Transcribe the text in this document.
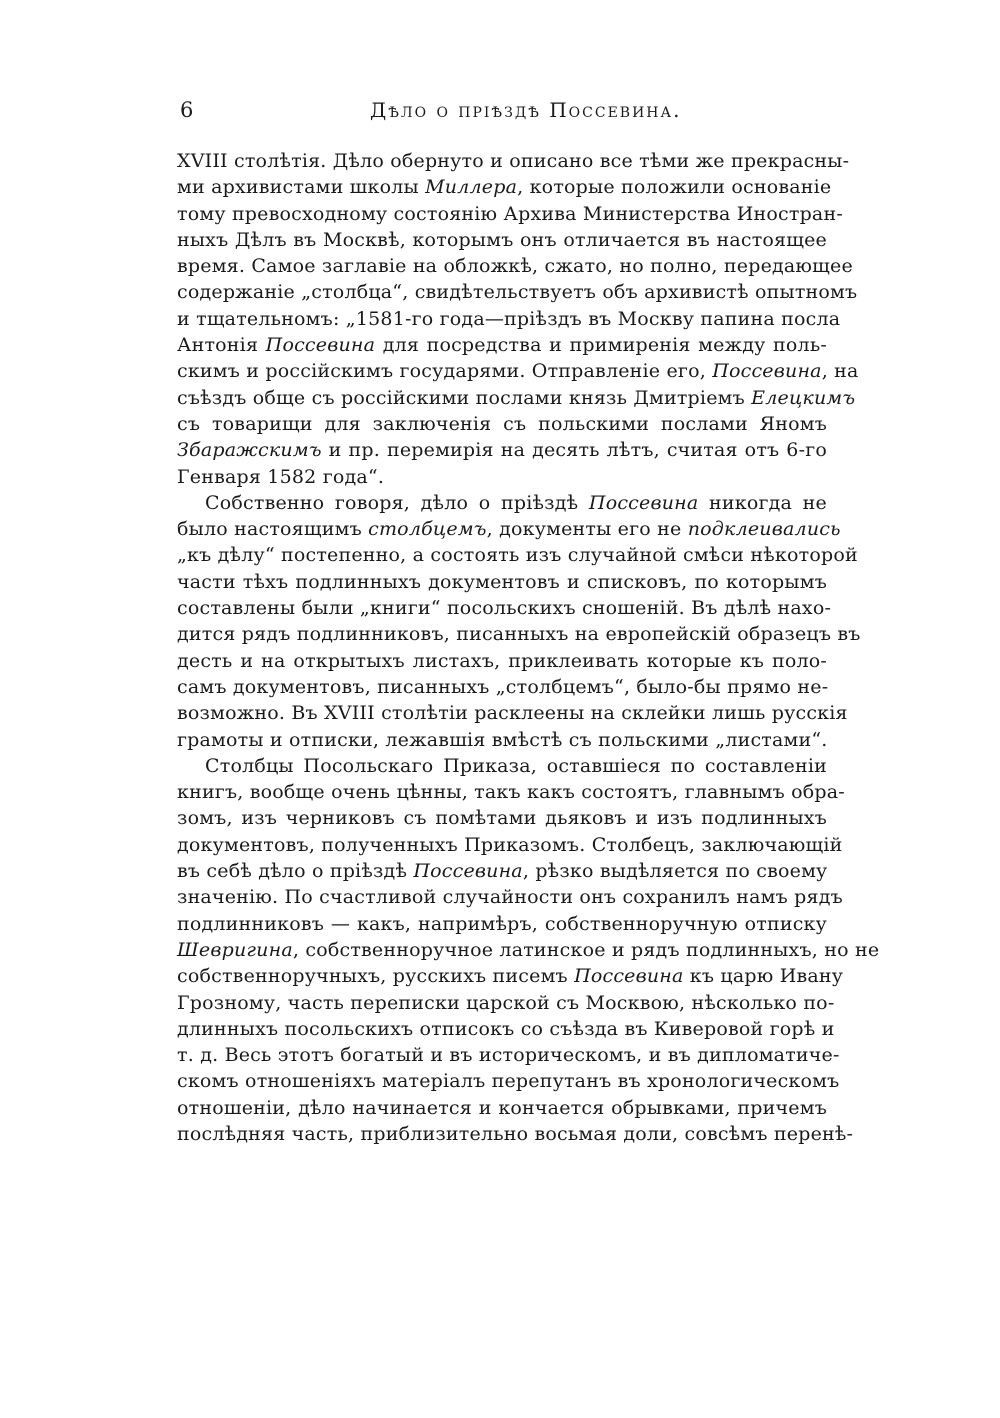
6	Дѣло о пріѣздѣ Поссевина.
XVIII столѣтія. Дѣло обернуто и описано все тѣми же прекрасны-
ми архивистами школы Миллера, которые положили основаніе
тому превосходному состоянію Архива Министерства Иностран-
ныхъ Дѣлъ въ Москвѣ, которымъ онъ отличается въ настоящее
время. Самое заглавіе на обложкѣ, сжато, но полно, передающее
содержаніе „столбца“, свидѣтельствуетъ объ архивистѣ опытномъ
и тщательномъ: „1581-го года—пріѣздъ въ Москву папина посла
Антонія Поссевина для посредства и примиренія между поль-
скимъ и россійскимъ государями. Отправленіе его, Поссевина, на
съѣздъ обще съ россійскими послами князь Дмитріемъ Елецкимъ
съ товарищи для заключенія съ польскими послами Яномъ
Збаражскимъ и пр. перемирія на десять лѣтъ, считая отъ 6-го
Генваря 1582 года“.
Собственно говоря, дѣло о пріѣздѣ Поссевина никогда не
было настоящимъ столбцемъ, документы его не подклеивались
„къ дѣлу“ постепенно, а состоять изъ случайной смѣси нѣкоторой
части тѣхъ подлинныхъ документовъ и списковъ, по которымъ
составлены были „книги“ посольскихъ сношеній. Въ дѣлѣ нахо-
дится рядъ подлинниковъ, писанныхъ на европейскій образецъ въ
десть и на открытыхъ листахъ, приклеивать которые къ поло-
самъ документовъ, писанныхъ „столбцемъ“, было-бы прямо не-
возможно. Въ XVIII столѣтіи расклеены на склейки лишь русскія
грамоты и отписки, лежавшія вмѣстѣ съ польскими „листами“.
Столбцы Посольскаго Приказа, оставшіеся по составленіи
книгъ, вообще очень цѣнны, такъ какъ состоятъ, главнымъ обра-
зомъ, изъ черниковъ съ помѣтами дьяковъ и изъ подлинныхъ
документовъ, полученныхъ Приказомъ. Столбецъ, заключающій
въ себѣ дѣло о пріѣздѣ Поссевина, рѣзко выдѣляется по своему
значенію. По счастливой случайности онъ сохранилъ намъ рядъ
подлинниковъ — какъ, напримѣръ, собственноручную отписку
Шевригина, собственноручное латинское и рядъ подлинныхъ, но не
собственноручныхъ, русскихъ писемъ Поссевина къ царю Ивану
Грозному, часть переписки царской съ Москвою, нѣсколько по-
длинныхъ посольскихъ отписокъ со съѣзда въ Киверовой горѣ и
т. д. Весь этотъ богатый и въ историческомъ, и въ дипломатиче-
скомъ отношеніяхъ матеріалъ перепутанъ въ хронологическомъ
отношеніи, дѣло начинается и кончается обрывками, причемъ
послѣдняя часть, приблизительно восьмая доли, совсѣмъ перенѣ-
